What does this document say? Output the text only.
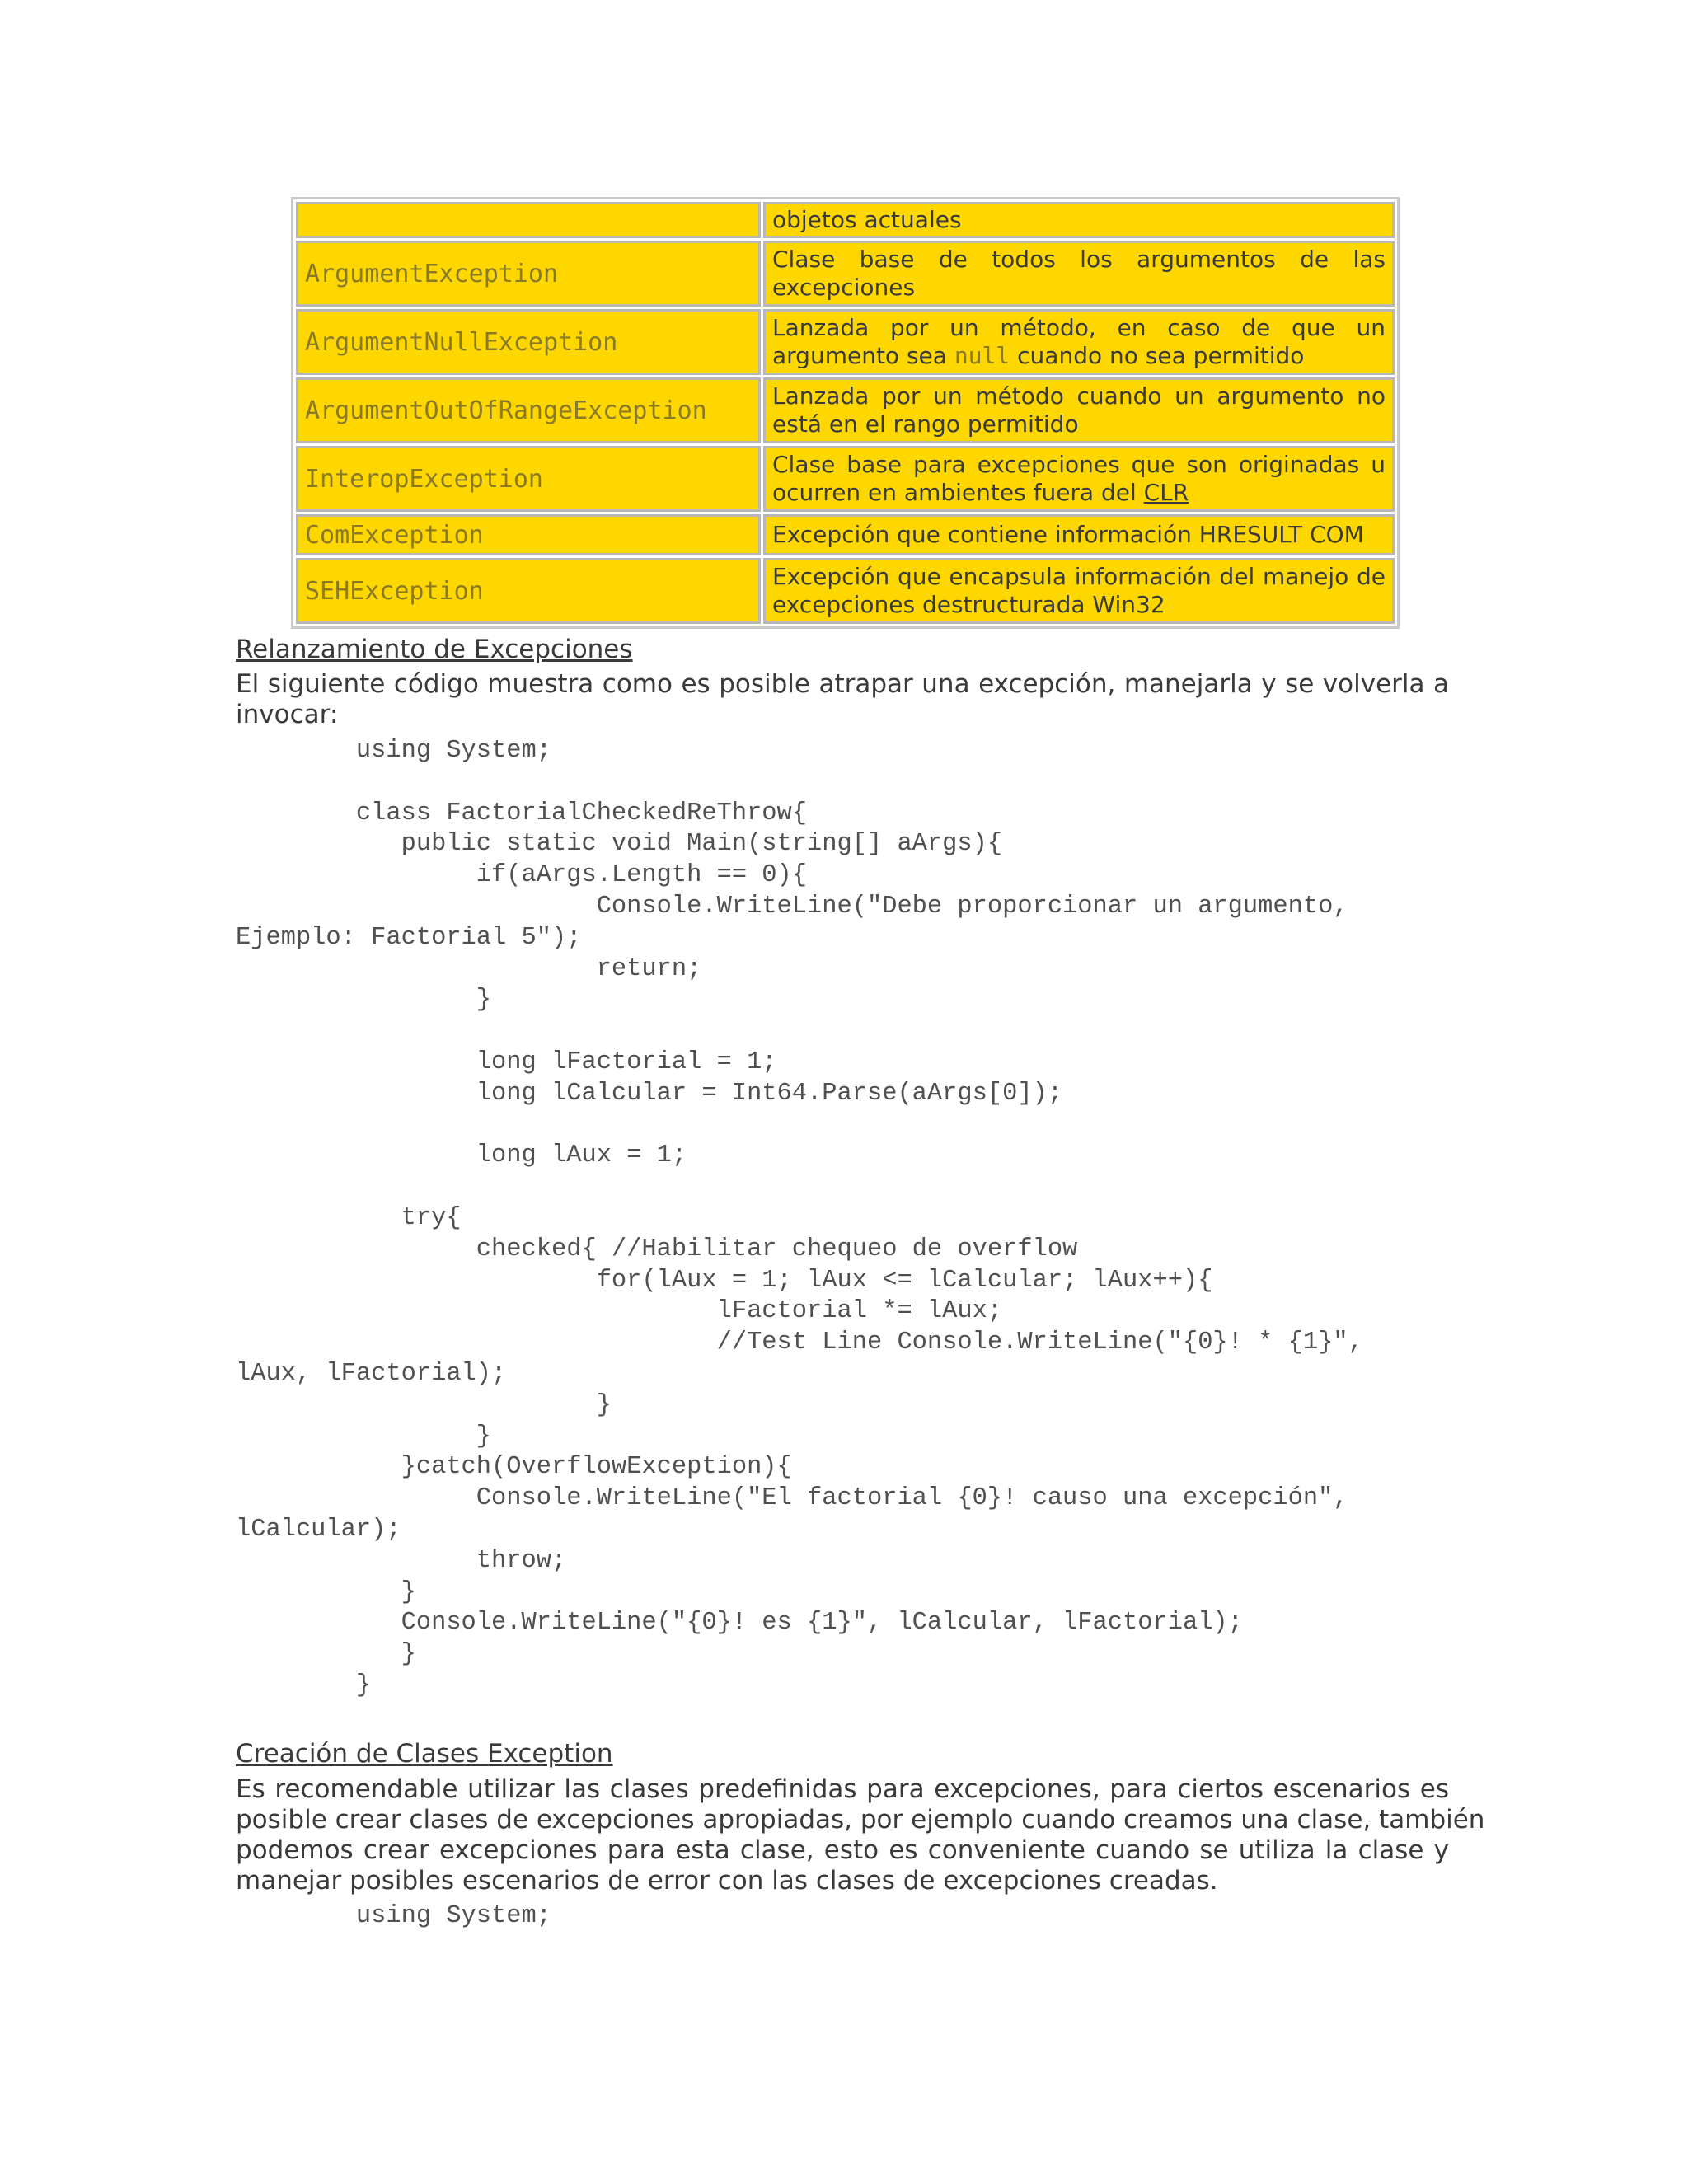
	objetos actuales
ArgumentException	Clase base de todos los argumentos de las excepciones
ArgumentNullException	Lanzada por un método, en caso de que un argumento sea null cuando no sea permitido
ArgumentOutOfRangeException	Lanzada por un método cuando un argumento no está en el rango permitido
InteropException	Clase base para excepciones que son originadas u ocurren en ambientes fuera del CLR
ComException	Excepción que contiene información HRESULT COM
SEHException	Excepción que encapsula información del manejo de excepciones destructurada Win32
Relanzamiento de Excepciones
El siguiente código muestra como es posible atrapar una excepción, manejarla y se volverla a
invocar:
using System;

class FactorialCheckedReThrow{
public static void Main(string[] aArgs){
if(aArgs.Length == 0){
Console.WriteLine("Debe proporcionar un argumento,
Ejemplo: Factorial 5");
return;
}

long lFactorial = 1;
long lCalcular = Int64.Parse(aArgs[0]);

long lAux = 1;

try{
checked{ //Habilitar chequeo de overflow
for(lAux = 1; lAux <= lCalcular; lAux++){
lFactorial *= lAux;
//Test Line Console.WriteLine("{0}! * {1}",
lAux, lFactorial);
}
}
}catch(OverflowException){
Console.WriteLine("El factorial {0}! causo una excepción",
lCalcular);
throw;
}
Console.WriteLine("{0}! es {1}", lCalcular, lFactorial);
}
}
Creación de Clases Exception
Es recomendable utilizar las clases predefinidas para excepciones, para ciertos escenarios es
posible crear clases de excepciones apropiadas, por ejemplo cuando creamos una clase, también
podemos crear excepciones para esta clase, esto es conveniente cuando se utiliza la clase y
manejar posibles escenarios de error con las clases de excepciones creadas.
using System;
